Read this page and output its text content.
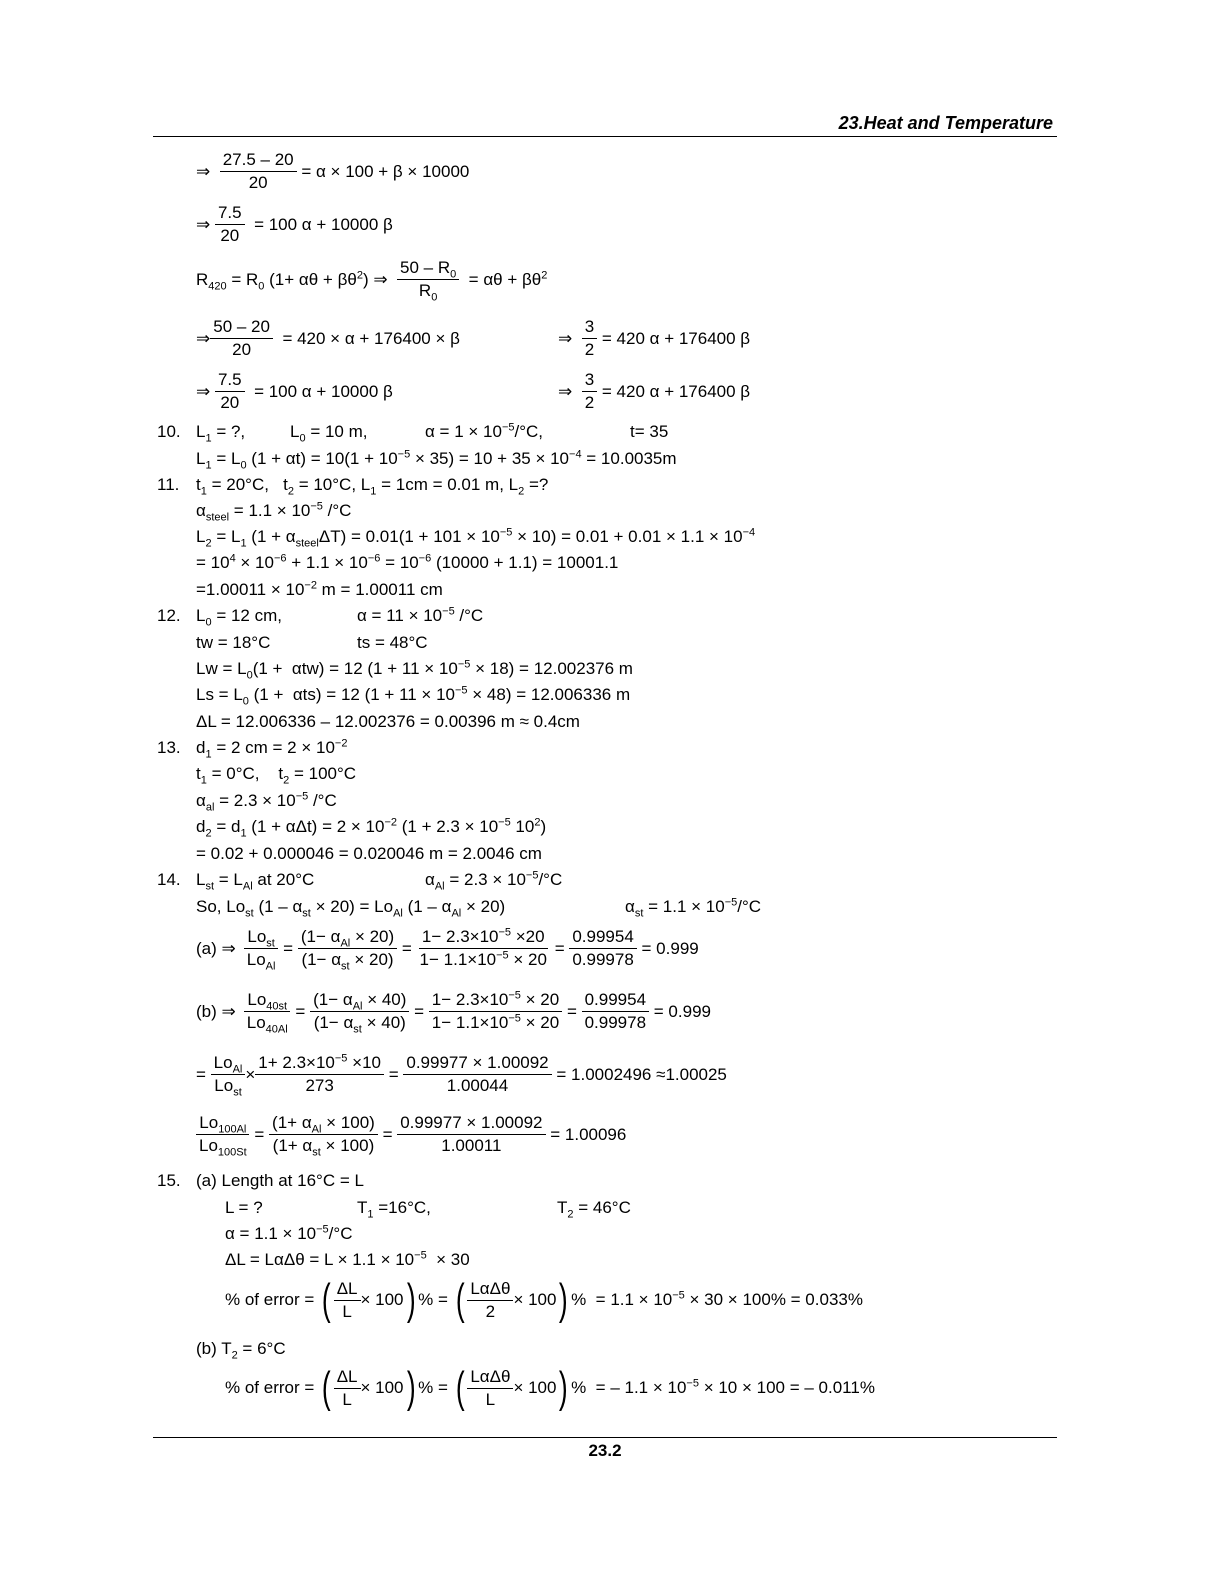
23.Heat and Temperature
⇒
27.5 – 20
20

= α × 100 + β × 10000
⇒
7.5
20

= 100 α + 10000 β
$R_{420} = R_0$ $(1+ \alpha\theta + \beta\theta^2)$ ⇒ $\frac{50 - R_0}{R_0} = \alpha\theta + \beta\theta^2$
⇒
50 – 20
20

= 420 × α + 176400 × β	⇒
3
2

= 420 α + 176400 β
⇒
7.5
20

= 100 α + 10000 β	⇒
3
2

= 420 α + 176400 β
10. $L_1$ = ?,	$L_0 = 10$ m,	$\alpha = 1 \times 10^{-5}/^\circ C$,	t= 35
$L_1 = L_0$ $(1 + \alpha t) = 10(1 + 10^{-5} \times 35) = 10 + 35 \times 10^{-4} = 10.0035m$
11. $t_1 = 20^\circ C$,   $t_2 = 10^\circ C$, $L_1 = 1cm = 0.01$ m, $L_2$ =?
$\alpha_{steel} = 1.1 \times 10^{-5}$ /°C
$L_2 = L_1$ $(1 + \alpha_{steel}\Delta T) = 0.01(1 + 101 \times 10^{-5} \times 10) = 0.01 + 0.01 \times 1.1 \times 10^{-4}$
= $10^4 \times 10^{-6} + 1.1 \times 10^{-6} = 10^{-6}$ (10000 + 1.1) = 10001.1
$=1.00011 \times 10^{-2}$ m = 1.00011 cm
12. $L_0 = 12$ cm,	$\alpha = 11 \times 10^{-5}$ /°C
tw = 18°C	ts = 48°C
$Lw = L_0(1 + \alpha tw) = 12$ $(1 + 11 \times 10^{-5} \times 18) = 12.002376$ m
$Ls = L_0$ (1 +  αts) = 12 $(1 + 11 \times 10^{-5} \times 48) = 12.006336$ m
ΔL = 12.006336 – 12.002376 = 0.00396 m ≈ 0.4cm
13. $d_1 = 2$ cm = $2 \times 10^{-2}$
$t_1 = 0^\circ C$,    $t_2 = 100^\circ C$
$\alpha_{al} = 2.3 \times 10^{-5}$ /°C
$d_2 = d_1$ $(1 + \alpha\Delta t) = 2 \times 10^{-2}$ ($1 + 2.3 \times 10^{-5}$ $10^2$)
= 0.02 + 0.000046 = 0.020046 m = 2.0046 cm
14. $L_{st} = L_{Al}$ at 20°C	$\alpha_{Al} = 2.3 \times 10^{-5}/^\circ C$
So, $Lo_{st}$ $(1 - \alpha_{st} \times 20) = Lo_{Al}$ $(1 - \alpha_{Al} \times 20)$	$\alpha_{st} = 1.1 \times 10^{-5}/^\circ C$
(a) ⇒
$Lo_{st}$
$Lo_{Al}$
=
$(1- \alpha_{Al} \times 20)$
$(1- \alpha_{st} \times 20)$
= $\frac{1- 2.3\times 10^{-5} \times 20}{1- 1.1\times 10^{-5} \times 20} = \frac{0.99954}{0.99978}$
= 0.999
(b) ⇒ $\frac{Lo_{40st}}{Lo_{40Al}}$ =
$(1- \alpha_{Al} \times 40)$
$(1- \alpha_{st} \times 40)$
= $\frac{1- 2.3\times 10^{-5} \times 20}{1- 1.1\times 10^{-5} \times 20} = \frac{0.99954}{0.99978}$
= 0.999
=
$Lo_{Al}$
$Lo_{st}$
× $\frac{1+ 2.3\times 10^{-5} \times 10}{273} = \frac{0.99977 \times 1.00092}{1.00044}$
= 1.0002496 ≈1.00025
$\frac{Lo_{100Al}}{Lo_{100St}}$ =
$(1+ \alpha_{Al} \times 100)$
$(1+ \alpha_{st} \times 100)$
= $\frac{0.99977 \times 1.00092}{1.00011}$
= 1.00096
15. (a) Length at 16°C = L
L = ?	$T_1 =16^\circ C$,	$T_2 = 46^\circ C$
$\alpha = 1.1 \times 10^{-5}/^\circ C$
$\Delta L = L\alpha\Delta\theta = L \times 1.1 \times 10^{-5} \times 30$
% of error =
( $\frac{\Delta L}{L} \times 100$ ) % =
( LαΔθ
2
× 100 ) %  = $1.1 \times 10^{-5} \times 30 \times 100\% = 0.033\%$
(b) $T_2 = 6^\circ C$
% of error =
( $\frac{\Delta L}{L} \times 100$ ) % =
( LαΔθ
L
× 100 ) %  = – $1.1 \times 10^{-5} \times 10 \times 100$ = – 0.011%
23.2
